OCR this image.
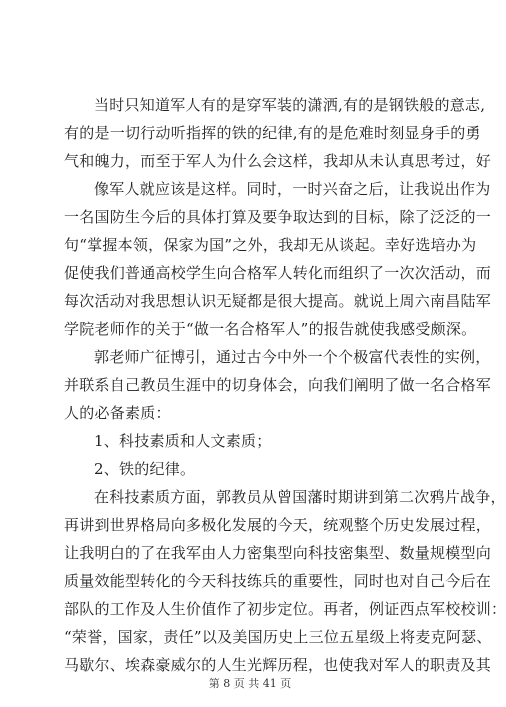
当时只知道军人有的是穿军装的潇洒,有的是钢铁般的意志,
有的是一切行动听指挥的铁的纪律,有的是危难时刻显身手的勇
气和魄力，而至于军人为什么会这样，我却从未认真思考过，好
像军人就应该是这样。同时，一时兴奋之后，让我说出作为
一名国防生今后的具体打算及要争取达到的目标，除了泛泛的一
句“掌握本领，保家为国”之外，我却无从谈起。幸好选培办为
促使我们普通高校学生向合格军人转化而组织了一次次活动，而
每次活动对我思想认识无疑都是很大提高。就说上周六南昌陆军
学院老师作的关于“做一名合格军人”的报告就使我感受颇深。
郭老师广征博引，通过古今中外一个个极富代表性的实例，
并联系自己教员生涯中的切身体会，向我们阐明了做一名合格军
人的必备素质：
1、科技素质和人文素质；
2、铁的纪律。
在科技素质方面，郭教员从曾国藩时期讲到第二次鸦片战争，
再讲到世界格局向多极化发展的今天，统观整个历史发展过程，
让我明白的了在我军由人力密集型向科技密集型、数量规模型向
质量效能型转化的今天科技练兵的重要性，同时也对自己今后在
部队的工作及人生价值作了初步定位。再者，例证西点军校校训：
“荣誉，国家，责任”以及美国历史上三位五星级上将麦克阿瑟、
马歇尔、埃森豪威尔的人生光辉历程，也使我对军人的职责及其
第 8 页 共 41 页
